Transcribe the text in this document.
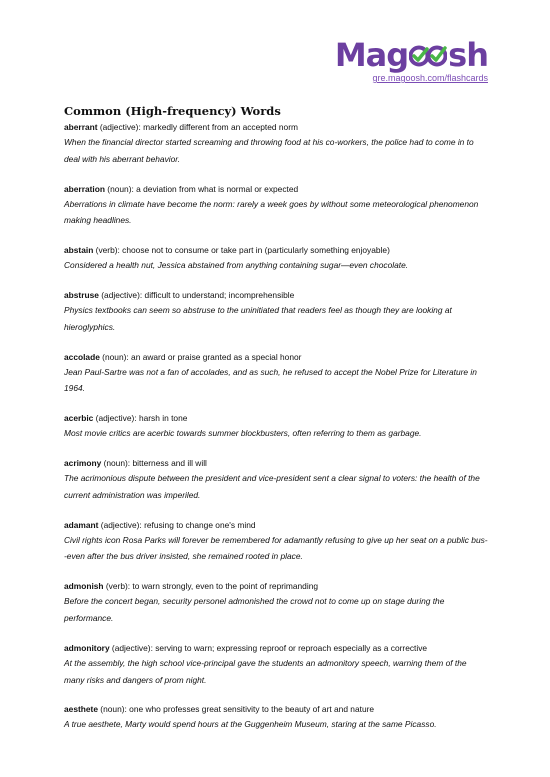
Mag sh
gre.magoosh.com/flashcards
Common (High-frequency) Words
aberrant (adjective): markedly different from an accepted norm
When the financial director started screaming and throwing food at his co-workers, the police had to come in to deal with his aberrant behavior.
aberration (noun): a deviation from what is normal or expected
Aberrations in climate have become the norm: rarely a week goes by without some meteorological phenomenon making headlines.
abstain (verb): choose not to consume or take part in (particularly something enjoyable)
Considered a health nut, Jessica abstained from anything containing sugar—even chocolate.
abstruse (adjective): difficult to understand; incomprehensible
Physics textbooks can seem so abstruse to the uninitiated that readers feel as though they are looking at hieroglyphics.
accolade (noun): an award or praise granted as a special honor
Jean Paul-Sartre was not a fan of accolades, and as such, he refused to accept the Nobel Prize for Literature in 1964.
acerbic (adjective): harsh in tone
Most movie critics are acerbic towards summer blockbusters, often referring to them as garbage.
acrimony (noun): bitterness and ill will
The acrimonious dispute between the president and vice-president sent a clear signal to voters: the health of the current administration was imperiled.
adamant (adjective): refusing to change one's mind
Civil rights icon Rosa Parks will forever be remembered for adamantly refusing to give up her seat on a public bus--even after the bus driver insisted, she remained rooted in place.
admonish (verb): to warn strongly, even to the point of reprimanding
Before the concert began, security personel admonished the crowd not to come up on stage during the performance.
admonitory (adjective): serving to warn; expressing reproof or reproach especially as a corrective
At the assembly, the high school vice-principal gave the students an admonitory speech, warning them of the many risks and dangers of prom night.
aesthete (noun): one who professes great sensitivity to the beauty of art and nature
A true aesthete, Marty would spend hours at the Guggenheim Museum, staring at the same Picasso.
